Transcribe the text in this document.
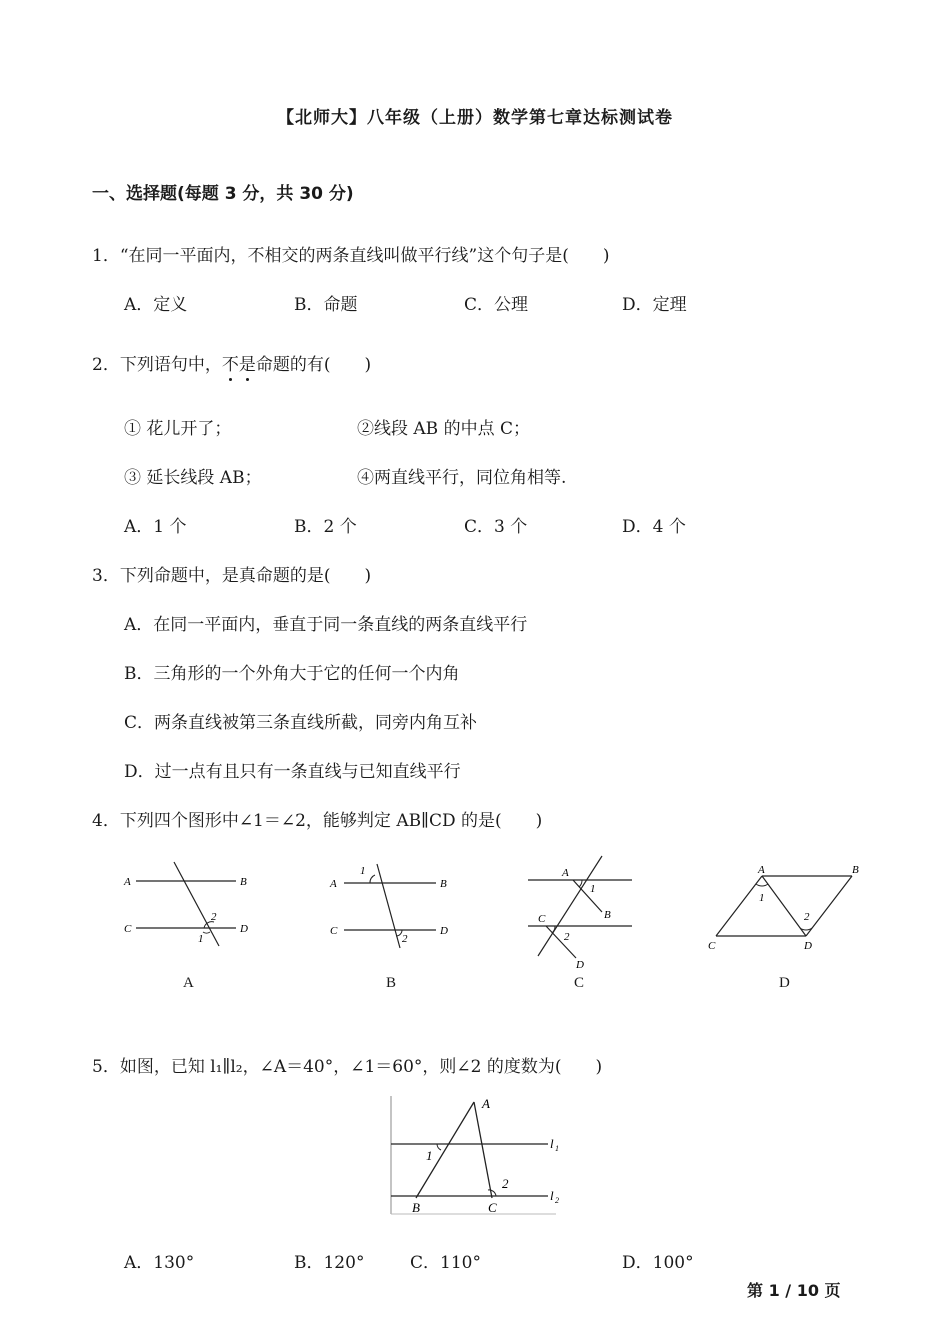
【北师大】八年级（上册）数学第七章达标测试卷
一、选择题(每题 3 分，共 30 分)
1．“在同一平面内，不相交的两条直线叫做平行线”这个句子是(　　)
A．定义	B．命题	C．公理	D．定理
2．下列语句中，不是命题的有(　　)
① 花儿开了；	②线段 AB 的中点 C；
③ 延长线段 AB；	④两直线平行，同位角相等.
A．1 个	B．2 个	C．3 个	D．4 个
3．下列命题中，是真命题的是(　　)
A．在同一平面内，垂直于同一条直线的两条直线平行
B．三角形的一个外角大于它的任何一个内角
C．两条直线被第三条直线所截，同旁内角互补
D．过一点有且只有一条直线与已知直线平行
4．下列四个图形中∠1＝∠2，能够判定 AB∥CD 的是(　　)
A	B
C	D
2
1
A
A	B
C	D
1
2
B
A
B
C
D
1
2
C
A	B
C	D
1
2
D
5．如图，已知 l₁∥l₂，∠A＝40°，∠1＝60°，则∠2 的度数为(　　)
A
B	C
1
2
l 1
l 2
A．130°	B．120°	C．110°	D．100°
第 1 / 10 页
